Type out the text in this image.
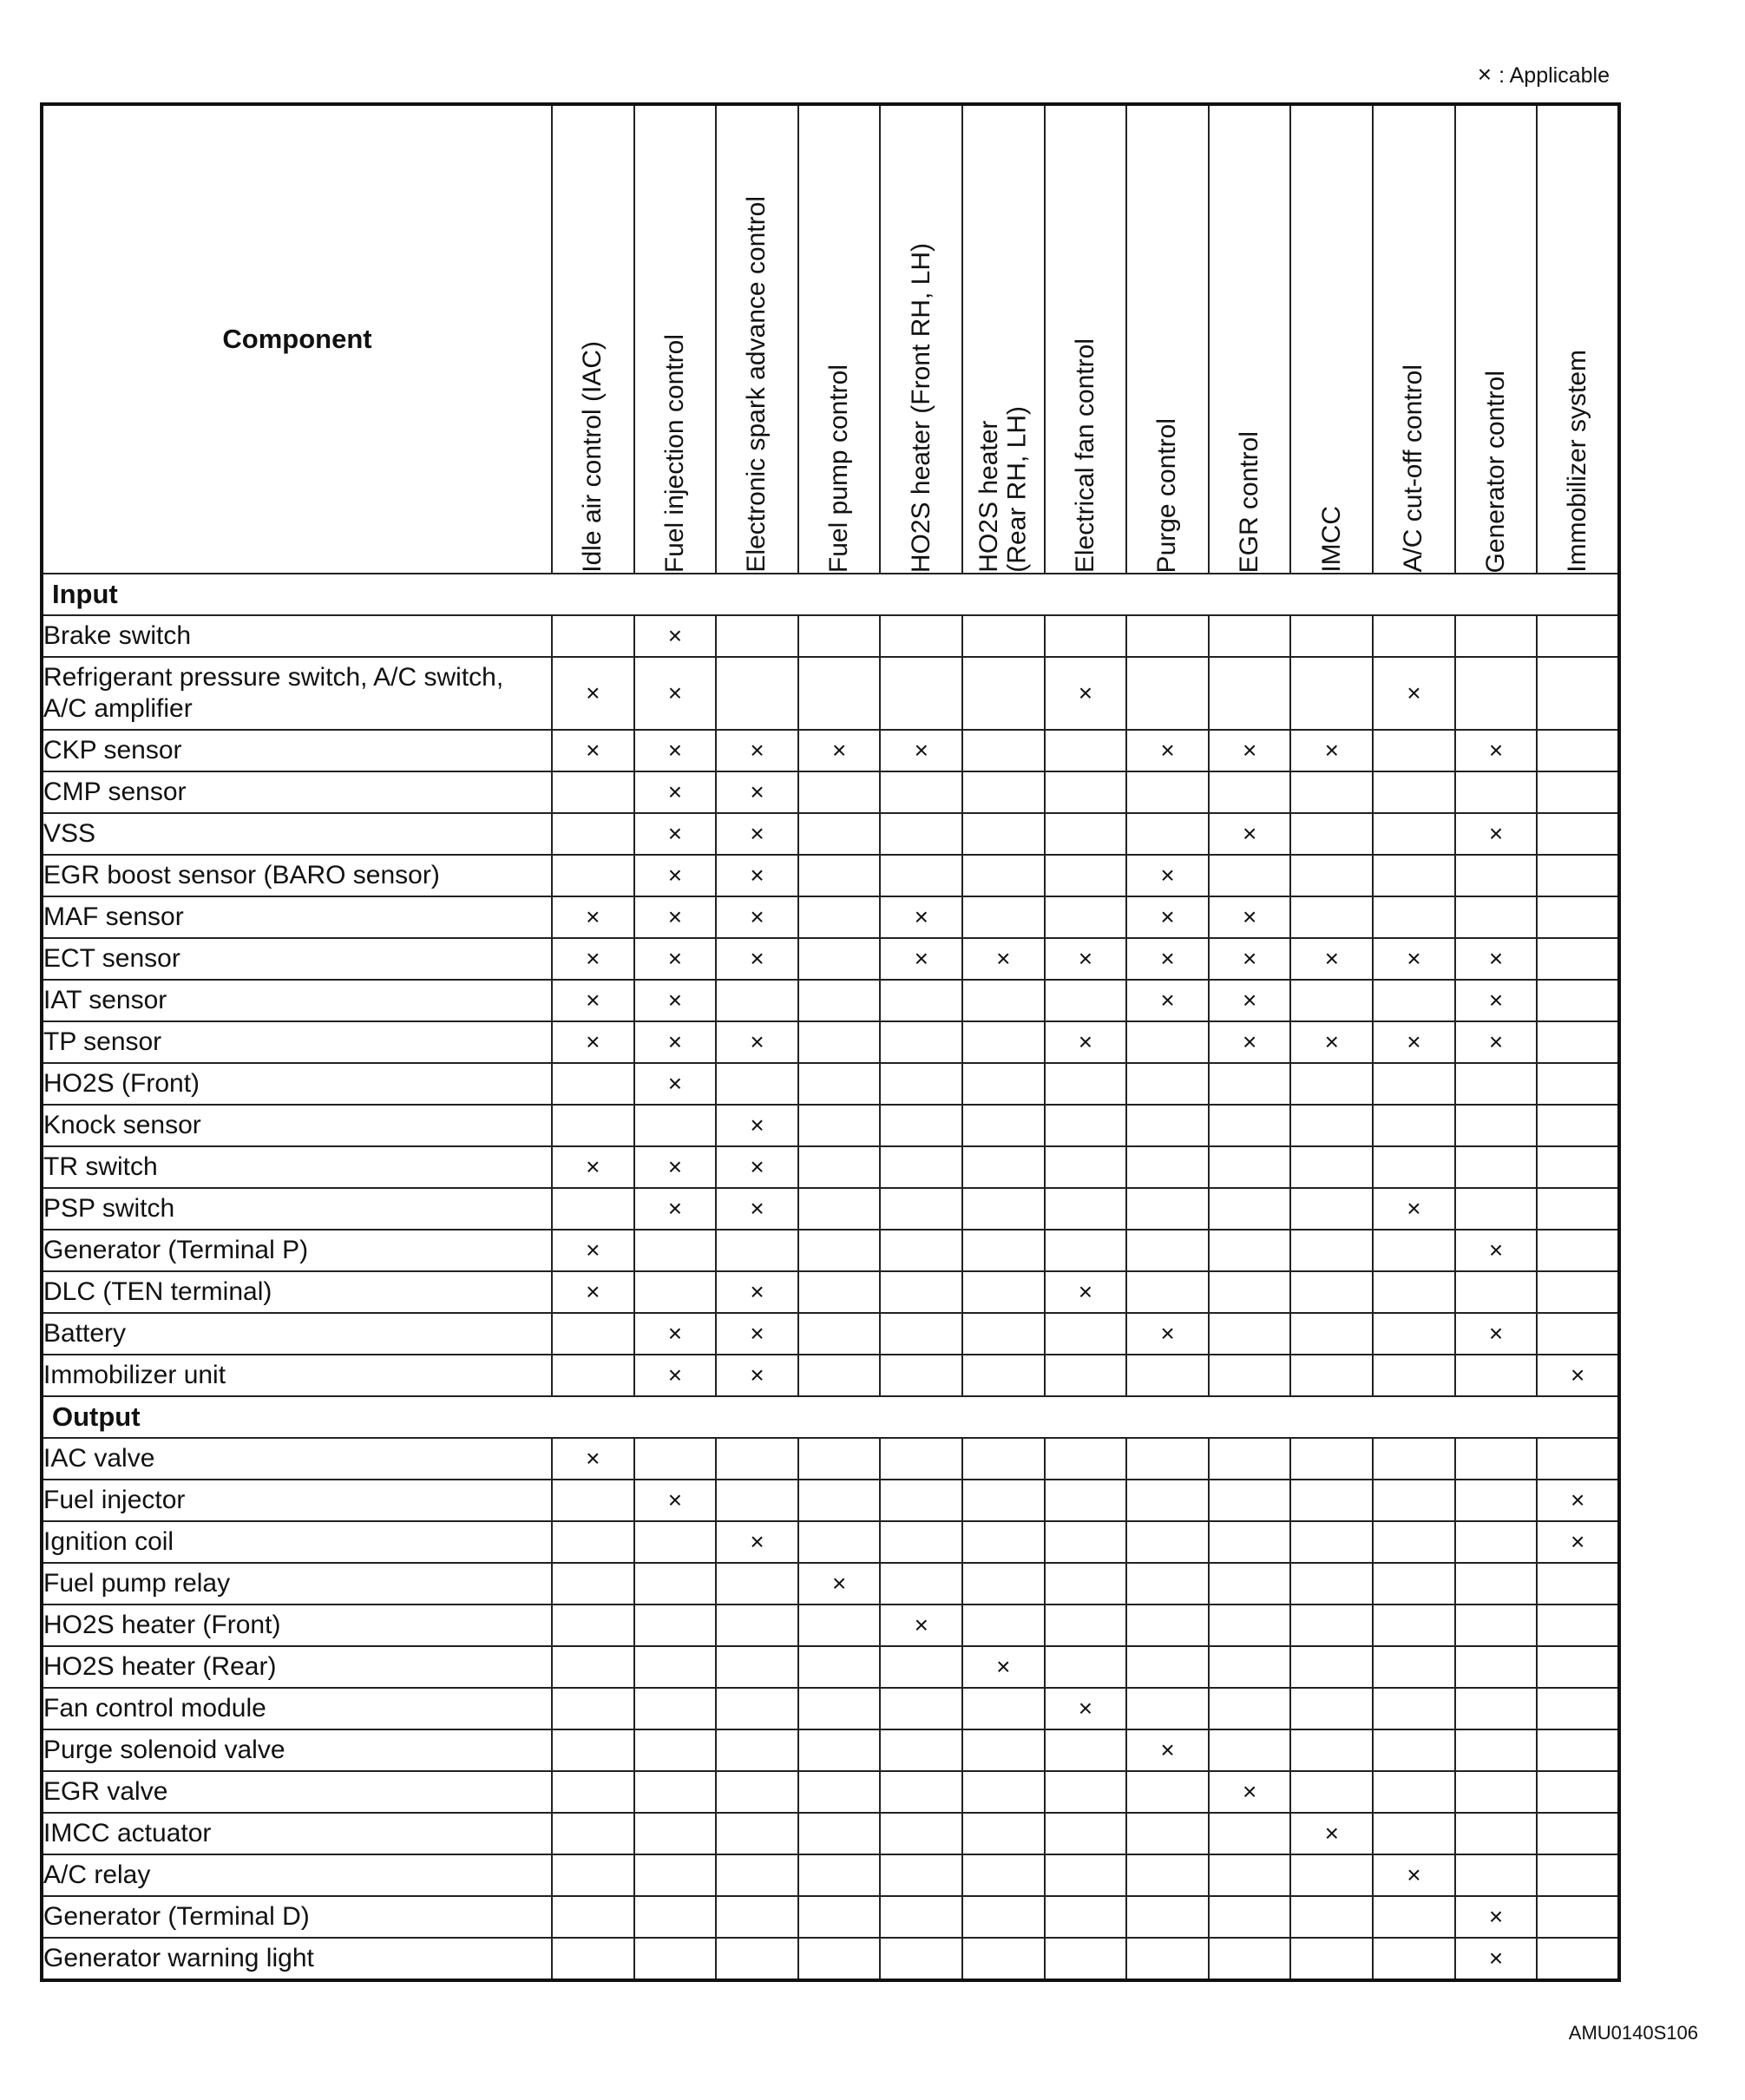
× : Applicable
Component	Idle air control (IAC)	Fuel injection control	Electronic spark advance control	Fuel pump control	HO2S heater (Front RH, LH)	HO2S heater
(Rear RH, LH)	Electrical fan control	Purge control	EGR control	IMCC	A/C cut-off control	Generator control	Immobilizer system

Input													
Brake switch		×											
Refrigerant pressure switch, A/C switch, A/C amplifier	×	×					×				×		
CKP sensor	×	×	×	×	×			×	×	×		×	
CMP sensor		×	×										
VSS		×	×						×			×	
EGR boost sensor (BARO sensor)		×	×					×					
MAF sensor	×	×	×		×			×	×				
ECT sensor	×	×	×		×	×	×	×	×	×	×	×	
IAT sensor	×	×						×	×			×	
TP sensor	×	×	×				×		×	×	×	×	
HO2S (Front)		×											
Knock sensor			×										
TR switch	×	×	×										
PSP switch		×	×								×		
Generator (Terminal P)	×											×	
DLC (TEN terminal)	×		×				×						
Battery		×	×					×				×	
Immobilizer unit		×	×										×
Output													
IAC valve	×												
Fuel injector		×											×
Ignition coil			×										×
Fuel pump relay				×									
HO2S heater (Front)					×								
HO2S heater (Rear)						×							
Fan control module							×						
Purge solenoid valve								×					
EGR valve									×				
IMCC actuator										×			
A/C relay											×		
Generator (Terminal D)												×	
Generator warning light												×	
AMU0140S106
